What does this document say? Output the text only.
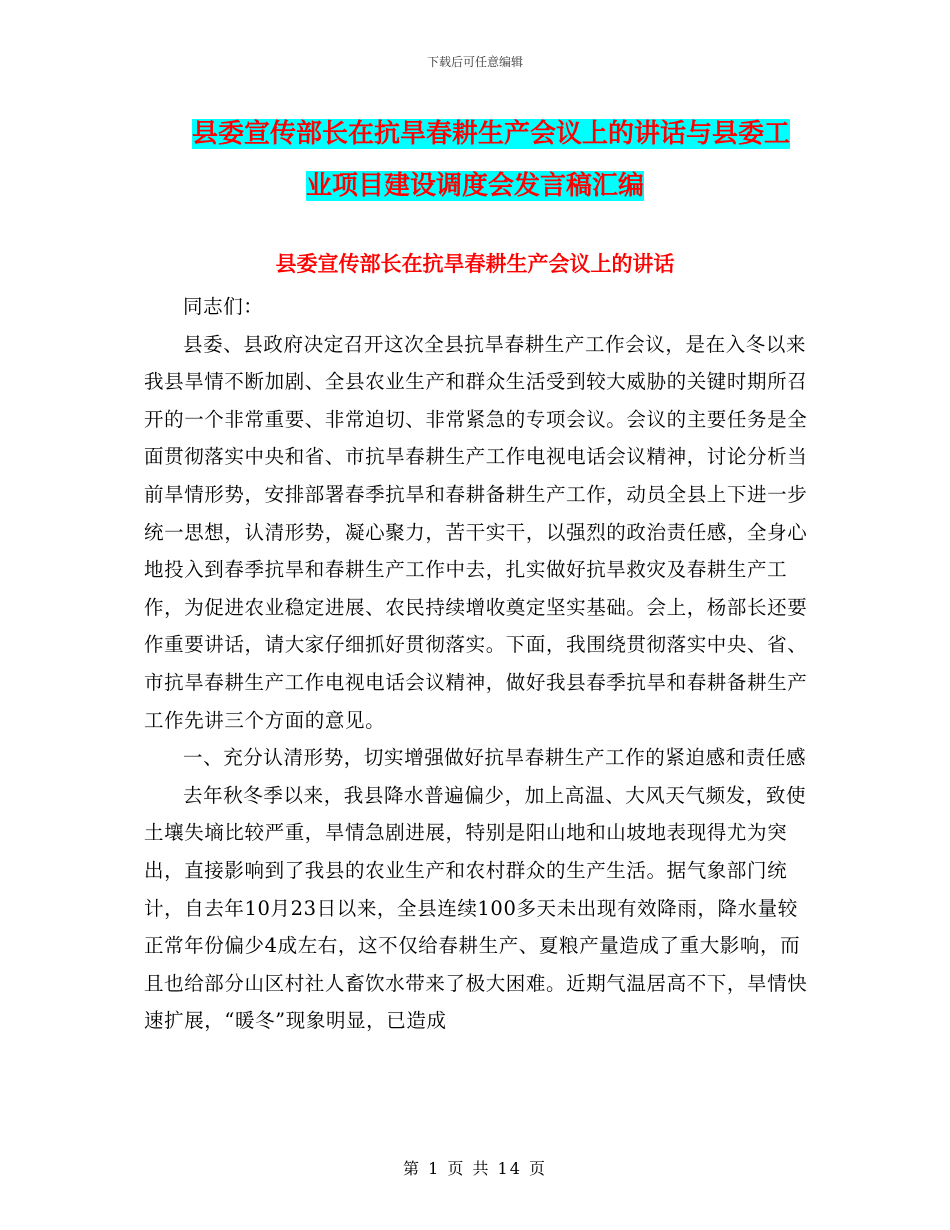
下载后可任意编辑
县委宣传部长在抗旱春耕生产会议上的讲话与县委工
业项目建设调度会发言稿汇编
县委宣传部长在抗旱春耕生产会议上的讲话

同志们：

县委、县政府决定召开这次全县抗旱春耕生产工作会议，是在入冬以来我县旱情不断加剧、全县农业生产和群众生活受到较大威胁的关键时期所召开的一个非常重要、非常迫切、非常紧急的专项会议。会议的主要任务是全面贯彻落实中央和省、市抗旱春耕生产工作电视电话会议精神，讨论分析当前旱情形势，安排部署春季抗旱和春耕备耕生产工作，动员全县上下进一步统一思想，认清形势，凝心聚力，苦干实干，以强烈的政治责任感，全身心地投入到春季抗旱和春耕生产工作中去，扎实做好抗旱救灾及春耕生产工作，为促进农业稳定进展、农民持续增收奠定坚实基础。会上，杨部长还要作重要讲话，请大家仔细抓好贯彻落实。下面，我围绕贯彻落实中央、省、市抗旱春耕生产工作电视电话会议精神，做好我县春季抗旱和春耕备耕生产工作先讲三个方面的意见。

一、充分认清形势，切实增强做好抗旱春耕生产工作的紧迫感和责任感

去年秋冬季以来，我县降水普遍偏少，加上高温、大风天气频发，致使土壤失墒比较严重，旱情急剧进展，特别是阳山地和山坡地表现得尤为突出，直接影响到了我县的农业生产和农村群众的生产生活。据气象部门统计，自去年10月23日以来，全县连续100多天未出现有效降雨，降水量较正常年份偏少4成左右，这不仅给春耕生产、夏粮产量造成了重大影响，而且也给部分山区村社人畜饮水带来了极大困难。近期气温居高不下，旱情快速扩展，“暖冬”现象明显，已造成

第 1 页 共 14 页
